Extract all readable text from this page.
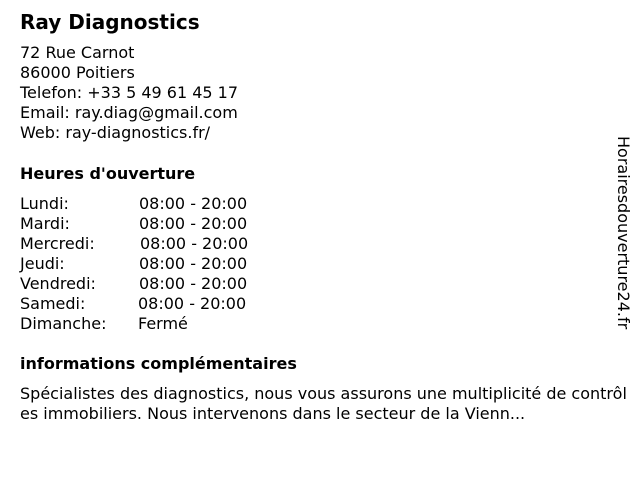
Ray Diagnostics
72 Rue Carnot
86000 Poitiers
Telefon: +33 5 49 61 45 17
Email: ray.diag@gmail.com
Web: ray-diagnostics.fr/
Heures d'ouverture
Lundi:	08:00 - 20:00
Mardi:	08:00 - 20:00
Mercredi:	08:00 - 20:00
Jeudi:	08:00 - 20:00
Vendredi:	08:00 - 20:00
Samedi:	08:00 - 20:00
Dimanche: Fermé
informations complémentaires

Spécialistes des diagnostics, nous vous assurons une multiplicité de contrôles immobiliers. Nous intervenons dans le secteur de la Vienn...

Horairesdouverture24.fr
